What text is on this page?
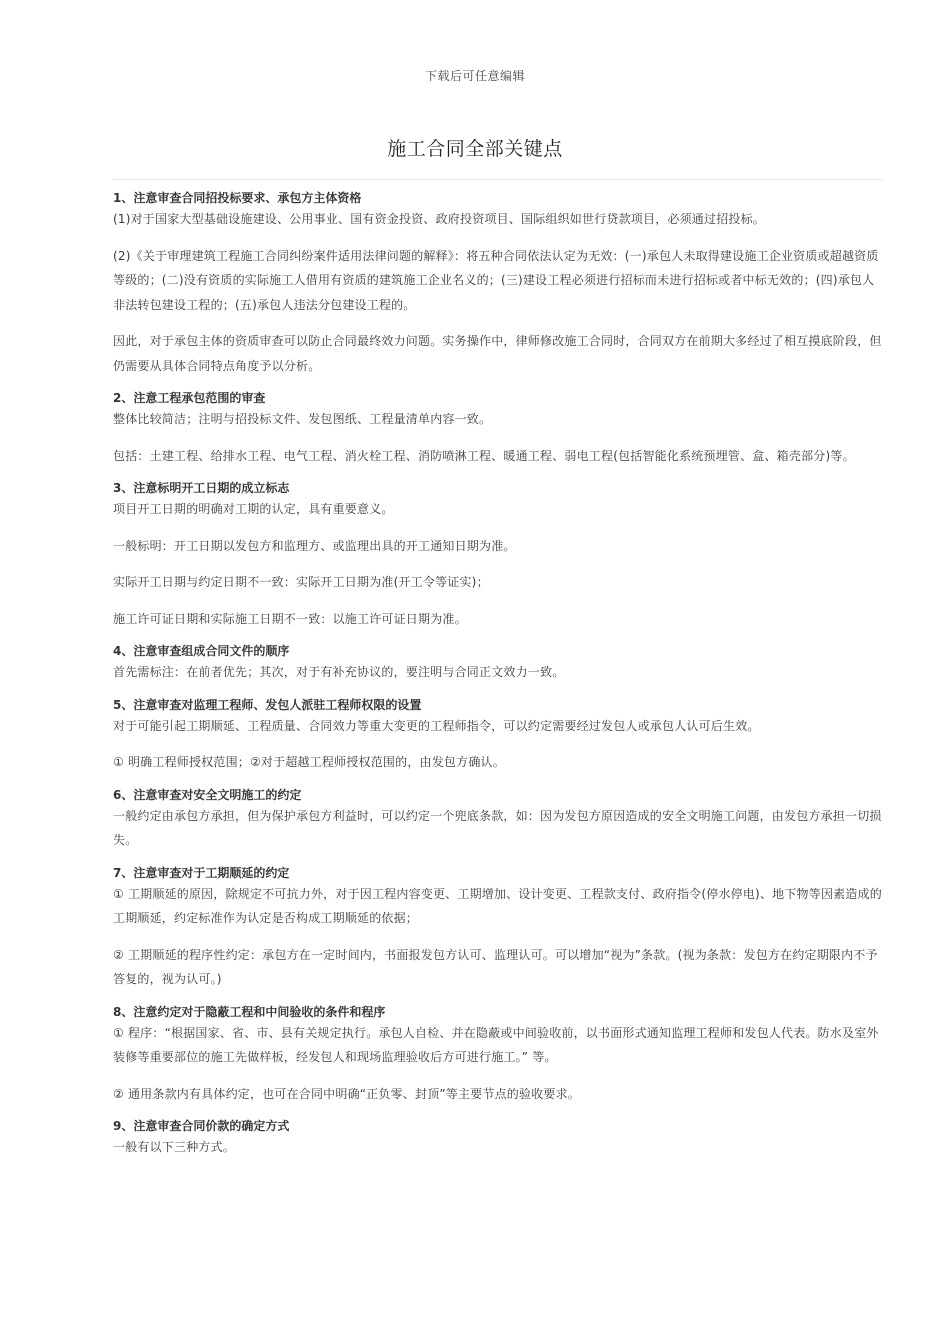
下载后可任意编辑
施工合同全部关键点
1、注意审查合同招投标要求、承包方主体资格

(1)对于国家大型基础设施建设、公用事业、国有资金投资、政府投资项目、国际组织如世行贷款项目，必须通过招投标。

(2)《关于审理建筑工程施工合同纠纷案件适用法律问题的解释》：将五种合同依法认定为无效：(一)承包人未取得建设施工企业资质或超越资质等级的；(二)没有资质的实际施工人借用有资质的建筑施工企业名义的；(三)建设工程必须进行招标而未进行招标或者中标无效的；(四)承包人非法转包建设工程的；(五)承包人违法分包建设工程的。

因此，对于承包主体的资质审查可以防止合同最终效力问题。实务操作中，律师修改施工合同时，合同双方在前期大多经过了相互摸底阶段，但仍需要从具体合同特点角度予以分析。

2、注意工程承包范围的审查

整体比较简洁；注明与招投标文件、发包图纸、工程量清单内容一致。

包括：土建工程、给排水工程、电气工程、消火栓工程、消防喷淋工程、暖通工程、弱电工程(包括智能化系统预埋管、盒、箱壳部分)等。

3、注意标明开工日期的成立标志

项目开工日期的明确对工期的认定，具有重要意义。

一般标明：开工日期以发包方和监理方、或监理出具的开工通知日期为准。

实际开工日期与约定日期不一致：实际开工日期为准(开工令等证实)；

施工许可证日期和实际施工日期不一致：以施工许可证日期为准。

4、注意审查组成合同文件的顺序

首先需标注：在前者优先；其次，对于有补充协议的，要注明与合同正文效力一致。

5、注意审查对监理工程师、发包人派驻工程师权限的设置

对于可能引起工期顺延、工程质量、合同效力等重大变更的工程师指令，可以约定需要经过发包人或承包人认可后生效。

① 明确工程师授权范围；②对于超越工程师授权范围的，由发包方确认。

6、注意审查对安全文明施工的约定

一般约定由承包方承担，但为保护承包方利益时，可以约定一个兜底条款，如：因为发包方原因造成的安全文明施工问题，由发包方承担一切损失。

7、注意审查对于工期顺延的约定

① 工期顺延的原因，除规定不可抗力外，对于因工程内容变更、工期增加、设计变更、工程款支付、政府指令(停水停电)、地下物等因素造成的工期顺延，约定标准作为认定是否构成工期顺延的依据；

② 工期顺延的程序性约定：承包方在一定时间内，书面报发包方认可、监理认可。可以增加“视为”条款。(视为条款：发包方在约定期限内不予答复的，视为认可。)

8、注意约定对于隐蔽工程和中间验收的条件和程序

① 程序：“根据国家、省、市、县有关规定执行。承包人自检、并在隐蔽或中间验收前，以书面形式通知监理工程师和发包人代表。防水及室外装修等重要部位的施工先做样板，经发包人和现场监理验收后方可进行施工。” 等。

② 通用条款内有具体约定，也可在合同中明确“正负零、封顶”等主要节点的验收要求。

9、注意审查合同价款的确定方式

一般有以下三种方式。
